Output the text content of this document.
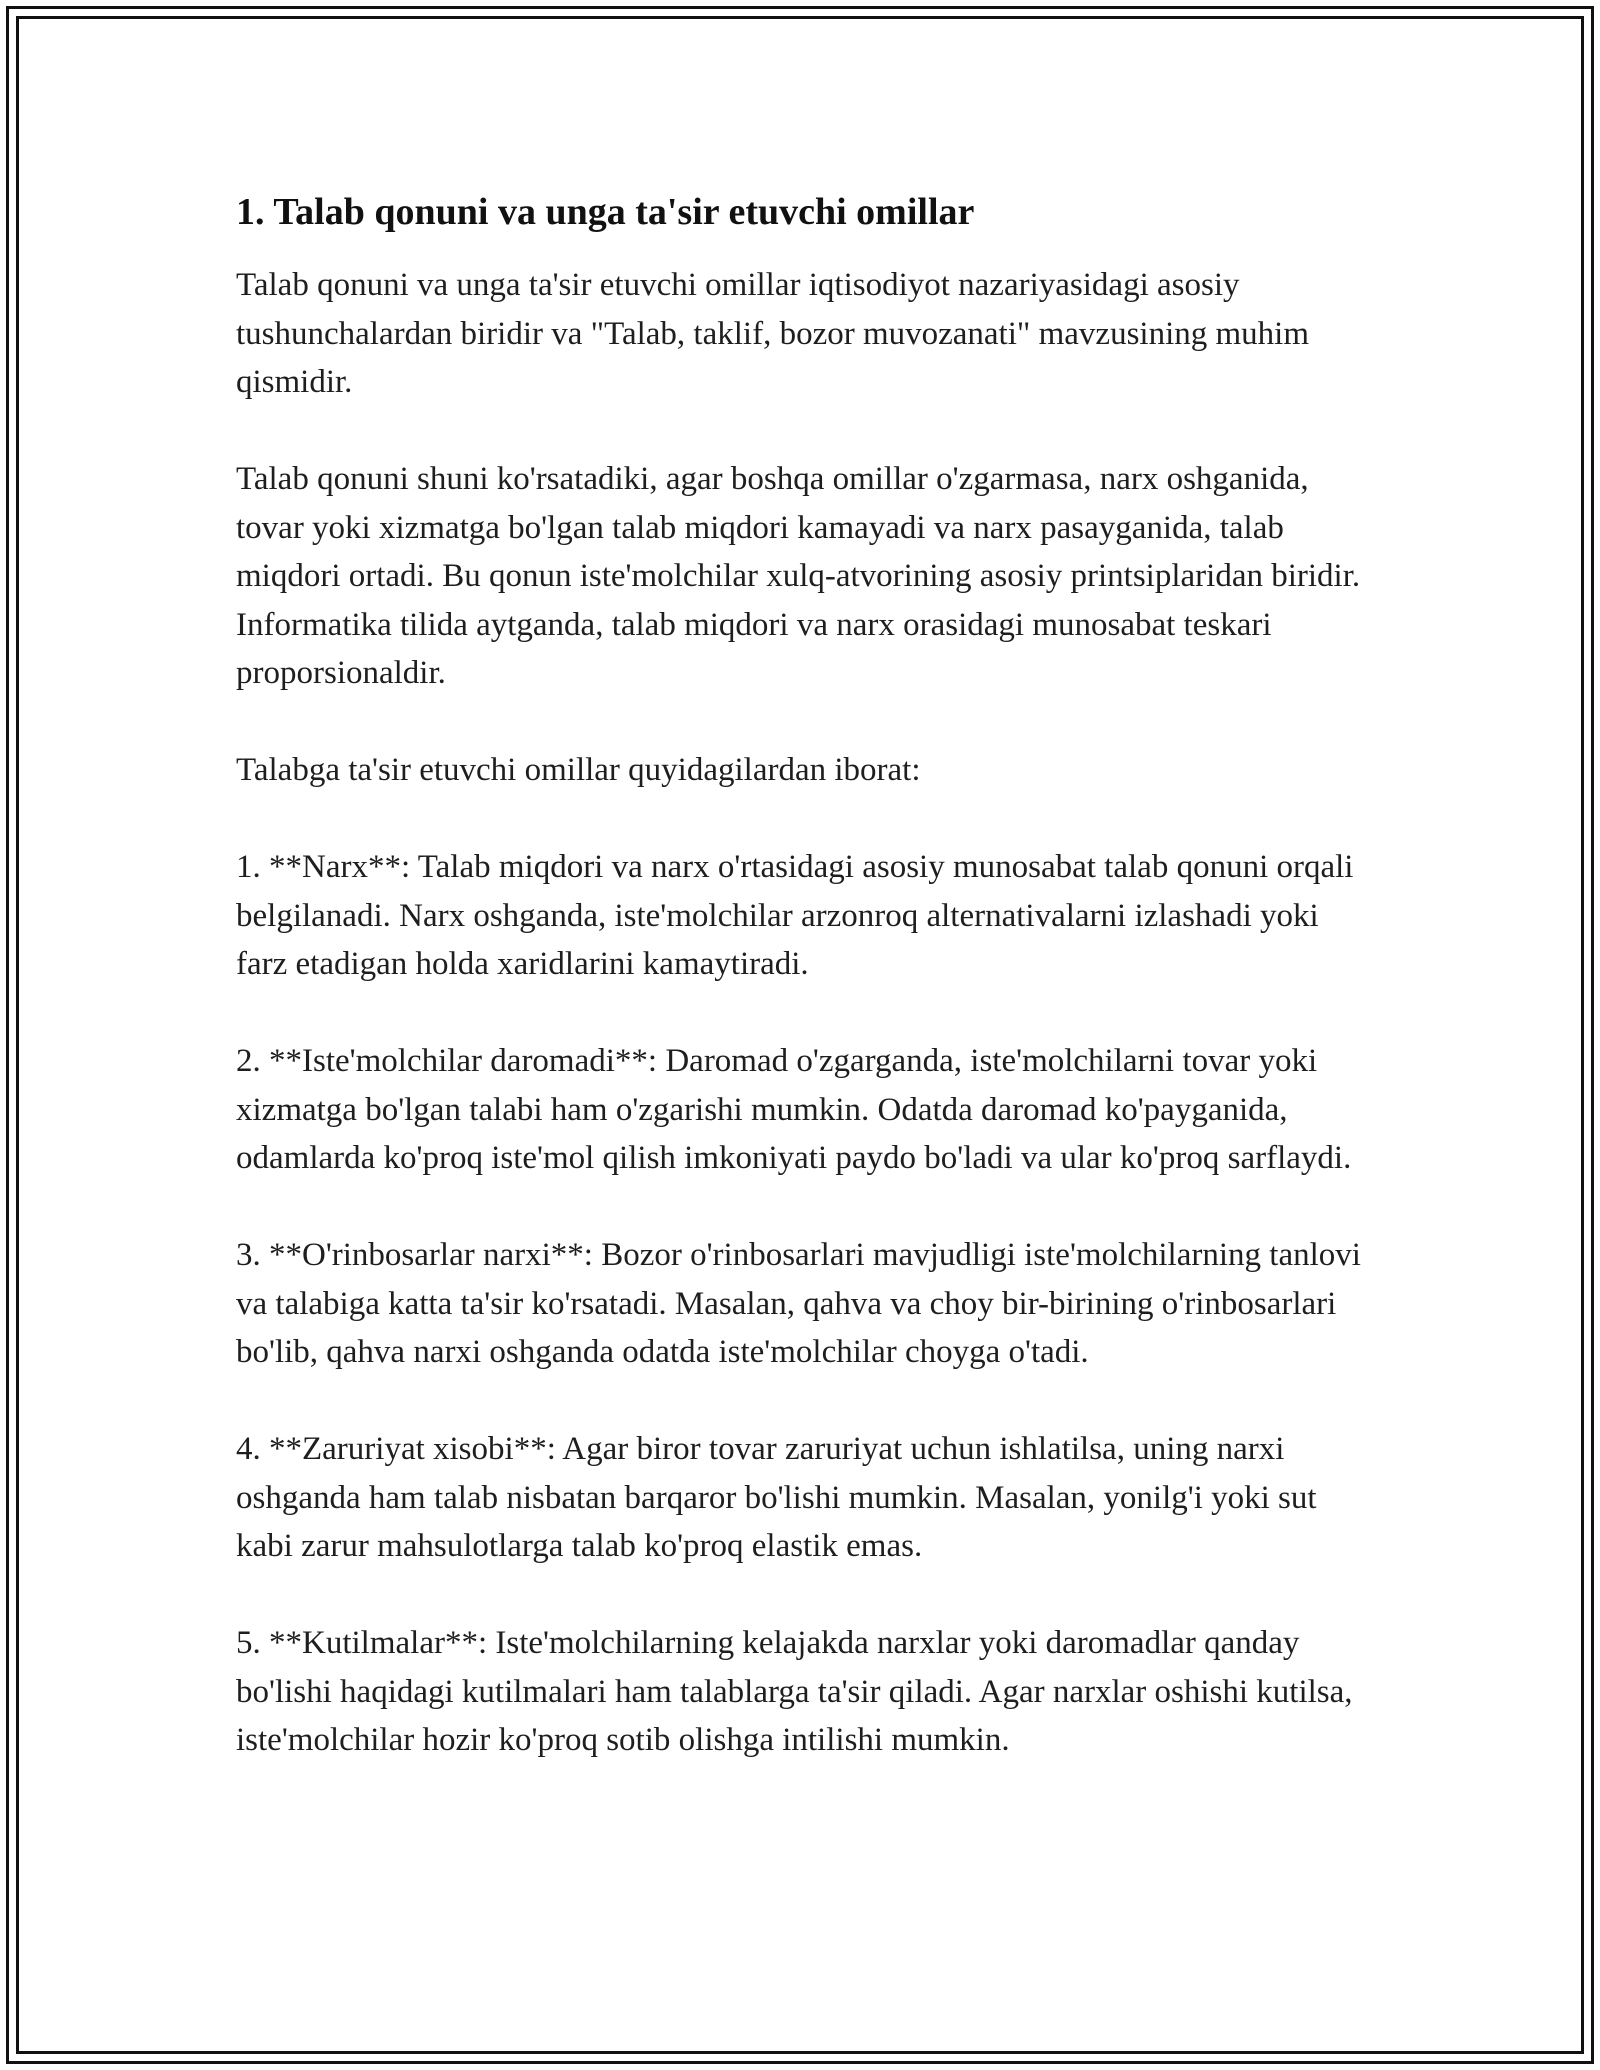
1. Talab qonuni va unga ta'sir etuvchi omillar

Talab qonuni va unga ta'sir etuvchi omillar iqtisodiyot nazariyasidagi asosiy tushunchalardan biridir va "Talab, taklif, bozor muvozanati" mavzusining muhim qismidir.

Talab qonuni shuni ko'rsatadiki, agar boshqa omillar o'zgarmasa, narx oshganida, tovar yoki xizmatga bo'lgan talab miqdori kamayadi va narx pasayganida, talab miqdori ortadi. Bu qonun iste'molchilar xulq-atvorining asosiy printsiplaridan biridir. Informatika tilida aytganda, talab miqdori va narx orasidagi munosabat teskari proporsionaldir.

Talabga ta'sir etuvchi omillar quyidagilardan iborat:

1. **Narx**: Talab miqdori va narx o'rtasidagi asosiy munosabat talab qonuni orqali belgilanadi. Narx oshganda, iste'molchilar arzonroq alternativalarni izlashadi yoki farz etadigan holda xaridlarini kamaytiradi.

2. **Iste'molchilar daromadi**: Daromad o'zgarganda, iste'molchilarni tovar yoki xizmatga bo'lgan talabi ham o'zgarishi mumkin. Odatda daromad ko'payganida, odamlarda ko'proq iste'mol qilish imkoniyati paydo bo'ladi va ular ko'proq sarflaydi.

3. **O'rinbosarlar narxi**: Bozor o'rinbosarlari mavjudligi iste'molchilarning tanlovi va talabiga katta ta'sir ko'rsatadi. Masalan, qahva va choy bir-birining o'rinbosarlari bo'lib, qahva narxi oshganda odatda iste'molchilar choyga o'tadi.

4. **Zaruriyat xisobi**: Agar biror tovar zaruriyat uchun ishlatilsa, uning narxi oshganda ham talab nisbatan barqaror bo'lishi mumkin. Masalan, yonilg'i yoki sut kabi zarur mahsulotlarga talab ko'proq elastik emas.

5. **Kutilmalar**: Iste'molchilarning kelajakda narxlar yoki daromadlar qanday bo'lishi haqidagi kutilmalari ham talablarga ta'sir qiladi. Agar narxlar oshishi kutilsa, iste'molchilar hozir ko'proq sotib olishga intilishi mumkin.
